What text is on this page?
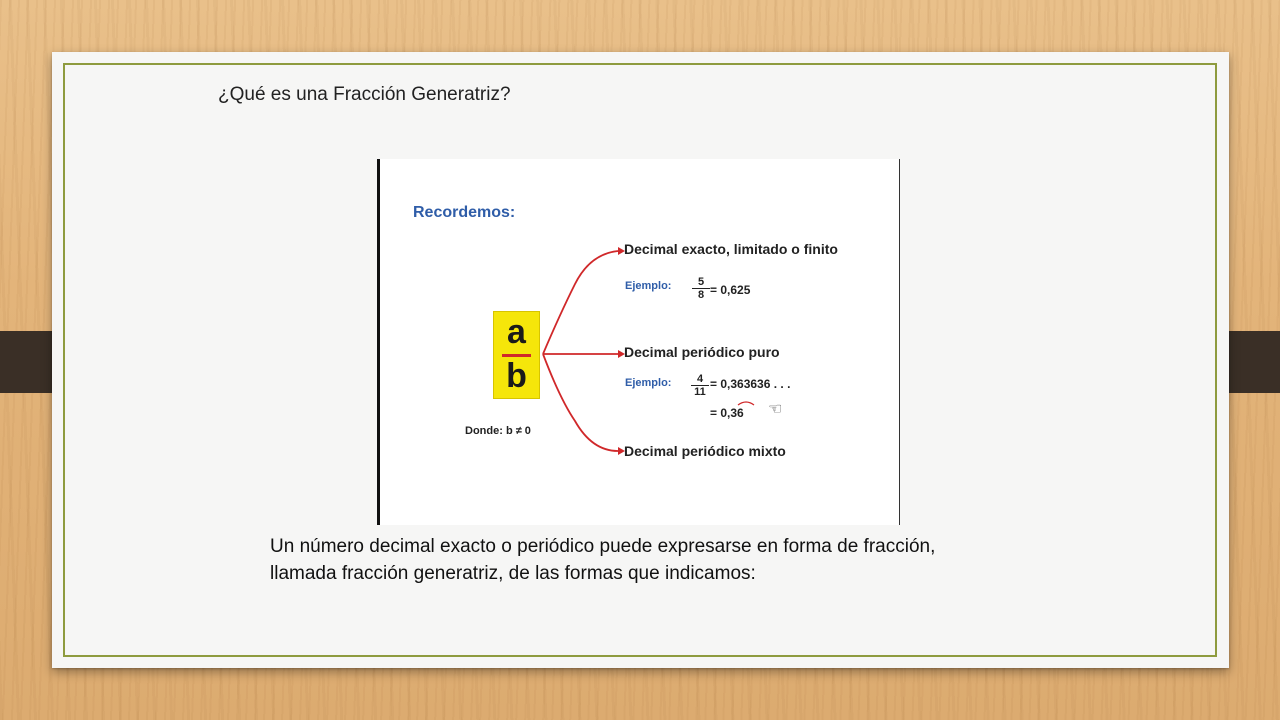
¿Qué es una Fracción Generatriz?
Recordemos:
a
b
Donde: b ≠ 0
Decimal exacto, limitado o finito
Ejemplo: $\frac{5}{8} = 0,625$
Decimal periódico puro
Ejemplo: $\frac{4}{11} = 0,363636$ . . .
= 0,36 ☜
Decimal periódico mixto
Un número decimal exacto o periódico puede expresarse en forma de fracción,
llamada fracción generatriz, de las formas que indicamos:
